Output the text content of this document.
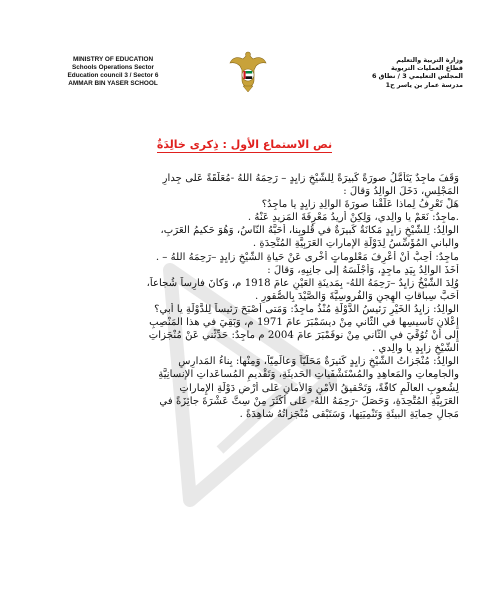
MINISTRY OF EDUCATION
Schools Operations Sector
Education council 3 / Sector 6
AMMAR BIN YASER SCHOOL
وزارة التربية والتعليم
قطاع العمليات التربوية
المجلس التعليمي 3 / نطاق 6
مدرسة عمار بن ياسر ح1
نص الاستماع الأول : ذِكرى خالِدَةٌ
وَقَفَ ماجِدٌ يَتَأَمَّلُ صورَةً كَبيرَةً لِلشَّيْخِ زايِدٍ – رَحِمَهُ اللهُ -مُعَلَّقَةً عَلى جِدارِ
المَجْلِسِ، دَخَلَ الوالِدُ وَقالَ :
هَلْ تَعْرِفُ لِماذا عَلَّقْنا صورَةَ الوالِدِ زايِدٍ يا ماجِدُ؟
.ماجِدٌ: نَعَمْ يا والِدي، وَلِكِنْ أُريدُ مَعْرِفَةَ المَزيدِ عَنْهُ .
الوالِدُ: لِلشَّيْخِ زايِدٍ مَكانَةٌ كَبيرَةٌ في قُلوبِنا، أَحَبَّهُ النّاسُ، وَهُوَ حَكيمُ العَرَبِ،
والباني المُؤَسِّسُ لِدَوْلَةِ الإماراتِ العَرَبِيَّةِ المُتَّحِدَةِ .
ماجِدٌ: أُحِبُّ أَنْ أَعْرِفَ مَعْلوماتٍ أُخْرى عَنْ حَياةِ الشَّيْخِ زايِدٍ –رَحِمَهُ اللهُ – .
أَخَذَ الوالِدُ بِيَدِ ماجِدٍ، وَأَجْلَسَهُ إلى جانِبِهِ، وَقالَ :
وُلِدَ الشَّيْخُ زايِدٌ –رَحِمَهُ اللهُ- بِمَدينَةِ العَيْنِ عامَ 1918 م، وَكانَ فارِساً شُجاعاً،
أَحَبَّ سِباقاتِ الهِجنِ وَالفُروسِيَّةَ وَالصَّيْدَ بِالصُّقورِ .
الوالِدُ: زايِدُ الخَيْرِ رَئيسُ الدَّوْلَةِ مُنْذُ ماجِدٌ: وَمَتى أَصْبَحَ رَئيساً لِلدَّوْلَةِ يا أَبي؟
إِعْلانِ تَأْسيسِها في الثّاني مِنْ ديسَمْبَرَ عامَ 1971 م، وَبَقِيَ في هذا المَنْصِبِ
إِلى أَنْ تُوُفِّيَ في الثّاني مِنْ نوفَمْبَرَ عامَ 2004 م ماجِدٌ: حَدِّثْني عَنْ مُنْجَزاتِ
الشَّيْخِ زايِدٍ يا والِدي .
الوالِدُ: مُنْجَزاتُ الشَّيْخِ زايِدٍ كَثيرَةٌ مَحَلِّيّاً وَعالَمِيّاً، وَمِنْها: بِناءُ المَدارِسِ
والجامِعاتِ والمَعاهِدِ والمُسْتَشْفَياتِ الحَديثَةِ، وَتَقْديمِ المُساعَداتِ الإنسانِيَّةِ
لِشُعوبِ العالَمِ كافَّةً، وَتَحْقيقُ الأَمْنِ وَالأَمانِ عَلى أَرْضِ دَوْلَةِ الإِماراتِ
العَرَبِيَّةِ المُتَّحِدَةِ، وَحَصَلَ -رَحِمَهُ اللهُ- عَلى أَكْثَرَ مِنْ سِتَّ عَشْرَةَ جائِزَةً في
مَجالِ حِمايَةِ البيئَةِ وَتَنْمِيَتِها، وَسَتَبْقى مُنْجَزاتُهُ شاهِدَةً .
